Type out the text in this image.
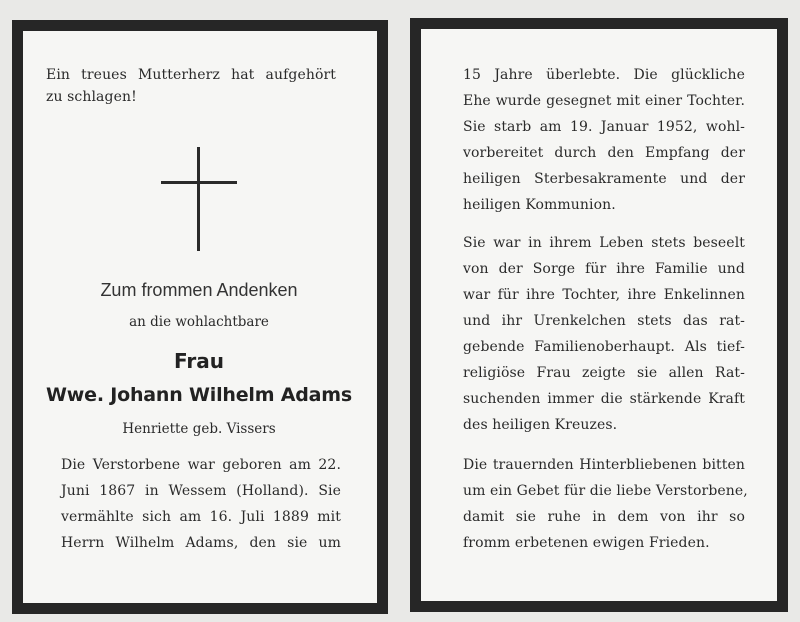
Ein treues Mutterherz hat aufgehört
zu schlagen!
Zum frommen Andenken
an die wohlachtbare
Frau
Wwe. Johann Wilhelm Adams
Henriette geb. Vissers
Die Verstorbene war geboren am 22.
Juni 1867 in Wessem (Holland). Sie
vermählte sich am 16. Juli 1889 mit
Herrn Wilhelm Adams, den sie um
15 Jahre überlebte. Die glückliche
Ehe wurde gesegnet mit einer Tochter.
Sie starb am 19. Januar 1952, wohl-
vorbereitet durch den Empfang der
heiligen Sterbesakramente und der
heiligen Kommunion.
Sie war in ihrem Leben stets beseelt
von der Sorge für ihre Familie und
war für ihre Tochter, ihre Enkelinnen
und ihr Urenkelchen stets das rat-
gebende Familienoberhaupt. Als tief-
religiöse Frau zeigte sie allen Rat-
suchenden immer die stärkende Kraft
des heiligen Kreuzes.
Die trauernden Hinterbliebenen bitten
um ein Gebet für die liebe Verstorbene,
damit sie ruhe in dem von ihr so
fromm erbetenen ewigen Frieden.
